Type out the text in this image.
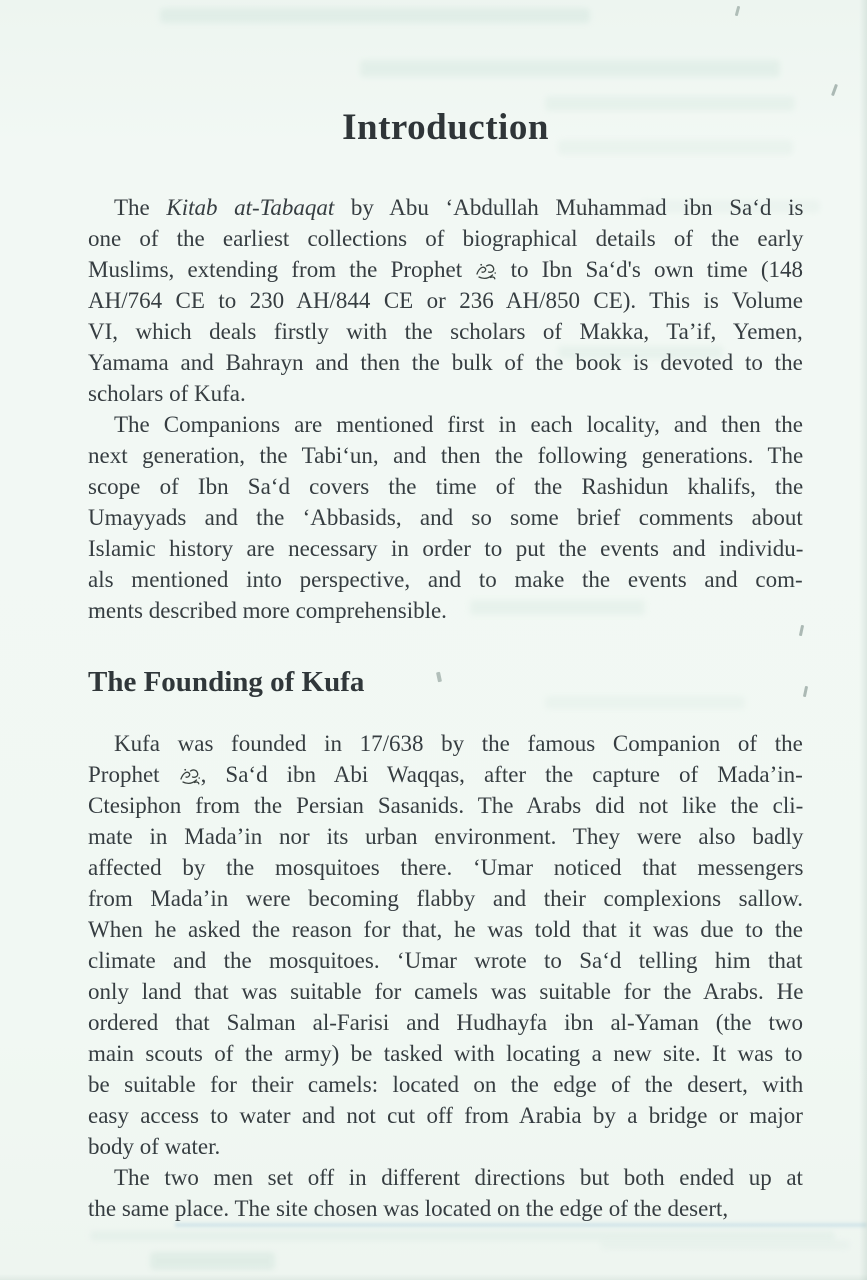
Introduction
The Kitab at-Tabaqat by Abu ‘Abdullah Muhammad ibn Sa‘d is
one of the earliest collections of biographical details of the early
Muslims, extending from the Prophet  to Ibn Sa‘d's own time (148
AH/764 CE to 230 AH/844 CE or 236 AH/850 CE). This is Volume
VI, which deals firstly with the scholars of Makka, Ta’if, Yemen,
Yamama and Bahrayn and then the bulk of the book is devoted to the
scholars of Kufa.
The Companions are mentioned first in each locality, and then the
next generation, the Tabi‘un, and then the following generations. The
scope of Ibn Sa‘d covers the time of the Rashidun khalifs, the
Umayyads and the ‘Abbasids, and so some brief comments about
Islamic history are necessary in order to put the events and individu-
als mentioned into perspective, and to make the events and com-
ments described more comprehensible.
The Founding of Kufa
Kufa was founded in 17/638 by the famous Companion of the
Prophet , Sa‘d ibn Abi Waqqas, after the capture of Mada’in-
Ctesiphon from the Persian Sasanids. The Arabs did not like the cli-
mate in Mada’in nor its urban environment. They were also badly
affected by the mosquitoes there. ‘Umar noticed that messengers
from Mada’in were becoming flabby and their complexions sallow.
When he asked the reason for that, he was told that it was due to the
climate and the mosquitoes. ‘Umar wrote to Sa‘d telling him that
only land that was suitable for camels was suitable for the Arabs. He
ordered that Salman al-Farisi and Hudhayfa ibn al-Yaman (the two
main scouts of the army) be tasked with locating a new site. It was to
be suitable for their camels: located on the edge of the desert, with
easy access to water and not cut off from Arabia by a bridge or major
body of water.
The two men set off in different directions but both ended up at
the same place. The site chosen was located on the edge of the desert,
